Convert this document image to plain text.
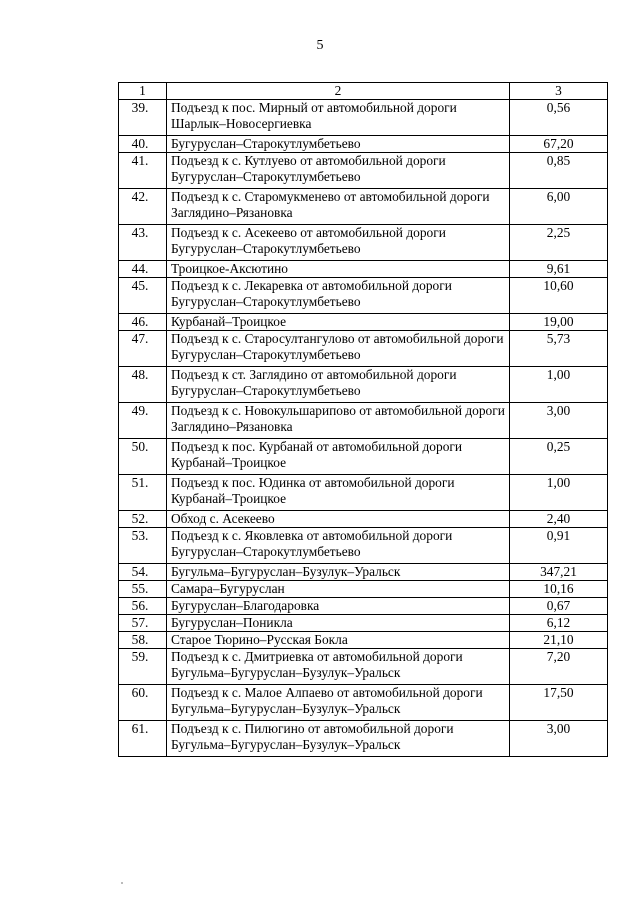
5
1	2	3
39.	Подъезд к пос. Мирный от автомобильной дороги Шарлык–Новосергиевка	0,56
40.	Бугуруслан–Старокутлумбетьево	67,20
41.	Подъезд к с. Кутлуево от автомобильной дороги Бугуруслан–Старокутлумбетьево	0,85
42.	Подъезд к с. Старомукменево от автомобильной дороги Заглядино–Рязановка	6,00
43.	Подъезд к с. Асекеево от автомобильной дороги Бугуруслан–Старокутлумбетьево	2,25
44.	Троицкое-Аксютино	9,61
45.	Подъезд к с. Лекаревка от автомобильной дороги Бугуруслан–Старокутлумбетьево	10,60
46.	Курбанай–Троицкое	19,00
47.	Подъезд к с. Старосултангулово от автомобильной дороги Бугуруслан–Старокутлумбетьево	5,73
48.	Подъезд к ст. Заглядино от автомобильной дороги Бугуруслан–Старокутлумбетьево	1,00
49.	Подъезд к с. Новокульшарипово от автомобильной дороги Заглядино–Рязановка	3,00
50.	Подъезд к пос. Курбанай от автомобильной дороги Курбанай–Троицкое	0,25
51.	Подъезд к пос. Юдинка от автомобильной дороги Курбанай–Троицкое	1,00
52.	Обход с. Асекеево	2,40
53.	Подъезд к с. Яковлевка от автомобильной дороги Бугуруслан–Старокутлумбетьево	0,91
54.	Бугульма–Бугуруслан–Бузулук–Уральск	347,21
55.	Самара–Бугуруслан	10,16
56.	Бугуруслан–Благодаровка	0,67
57.	Бугуруслан–Поникла	6,12
58.	Старое Тюрино–Русская Бокла	21,10
59.	Подъезд к с. Дмитриевка от автомобильной дороги Бугульма–Бугуруслан–Бузулук–Уральск	7,20
60.	Подъезд к с. Малое Алпаево от автомобильной дороги Бугульма–Бугуруслан–Бузулук–Уральск	17,50
61.	Подъезд к с. Пилюгино от автомобильной дороги Бугульма–Бугуруслан–Бузулук–Уральск	3,00
